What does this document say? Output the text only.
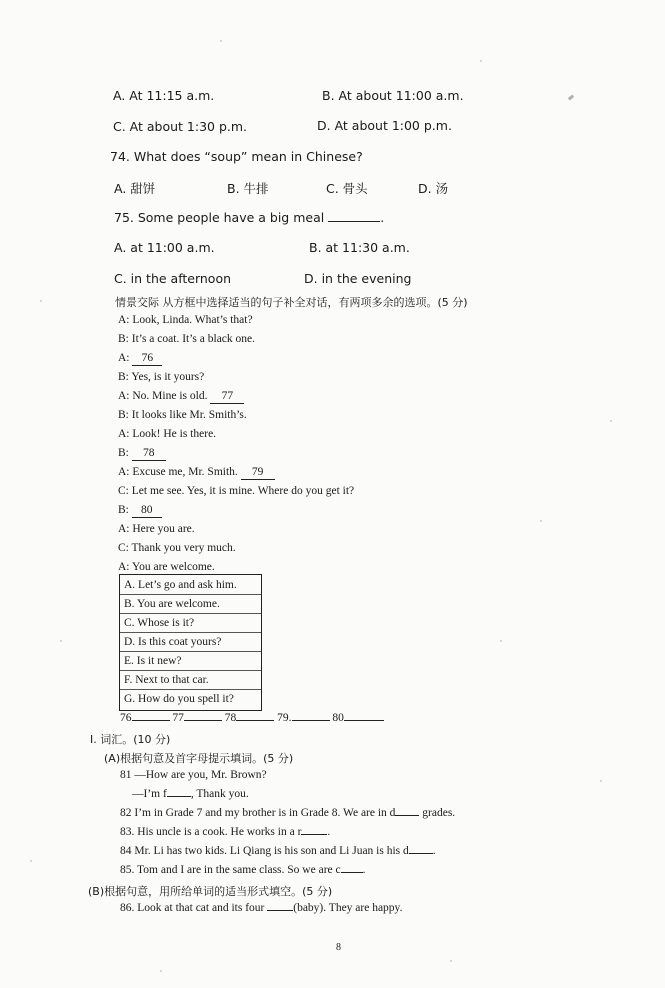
A. At 11:15 a.m.	B. At about 11:00 a.m.
C. At about 1:30 p.m.	D. At about 1:00 p.m.
74. What does “soup” mean in Chinese?
A. 甜饼	B. 牛排	C. 骨头	D. 汤
75. Some people have a big meal	.
A. at 11:00 a.m.	B. at 11:30 a.m.
C. in the afternoon	D. in the evening
情景交际 从方框中选择适当的句子补全对话，有两项多余的选项。(5 分)
A: Look, Linda. What’s that?
B: It’s a coat. It’s a black one.
A: 76
B: Yes, is it yours?
A: No. Mine is old. 77
B: It looks like Mr. Smith’s.
A: Look! He is there.
B: 78
A: Excuse me, Mr. Smith. 79
C: Let me see. Yes, it is mine. Where do you get it?
B: 80
A: Here you are.
C: Thank you very much.
A: You are welcome.
A. Let’s go and ask him.
B. You are welcome.
C. Whose is it?
D. Is this coat yours?
E. Is it new?
F. Next to that car.
G. How do you spell it?
76	77	78	79.	80
Ⅰ. 词汇。(10 分)
(A)根据句意及首字母提示填词。(5 分)
81 —How are you, Mr. Brown?
—I’m f , Thank you.
82 I’m in Grade 7 and my brother is in Grade 8. We are in d grades.
83. His uncle is a cook. He works in a r .
84 Mr. Li has two kids. Li Qiang is his son and Li Juan is his d .
85. Tom and I are in the same class. So we are c .
(B)根据句意，用所给单词的适当形式填空。(5 分)
86. Look at that cat and its four (baby). They are happy.
8
